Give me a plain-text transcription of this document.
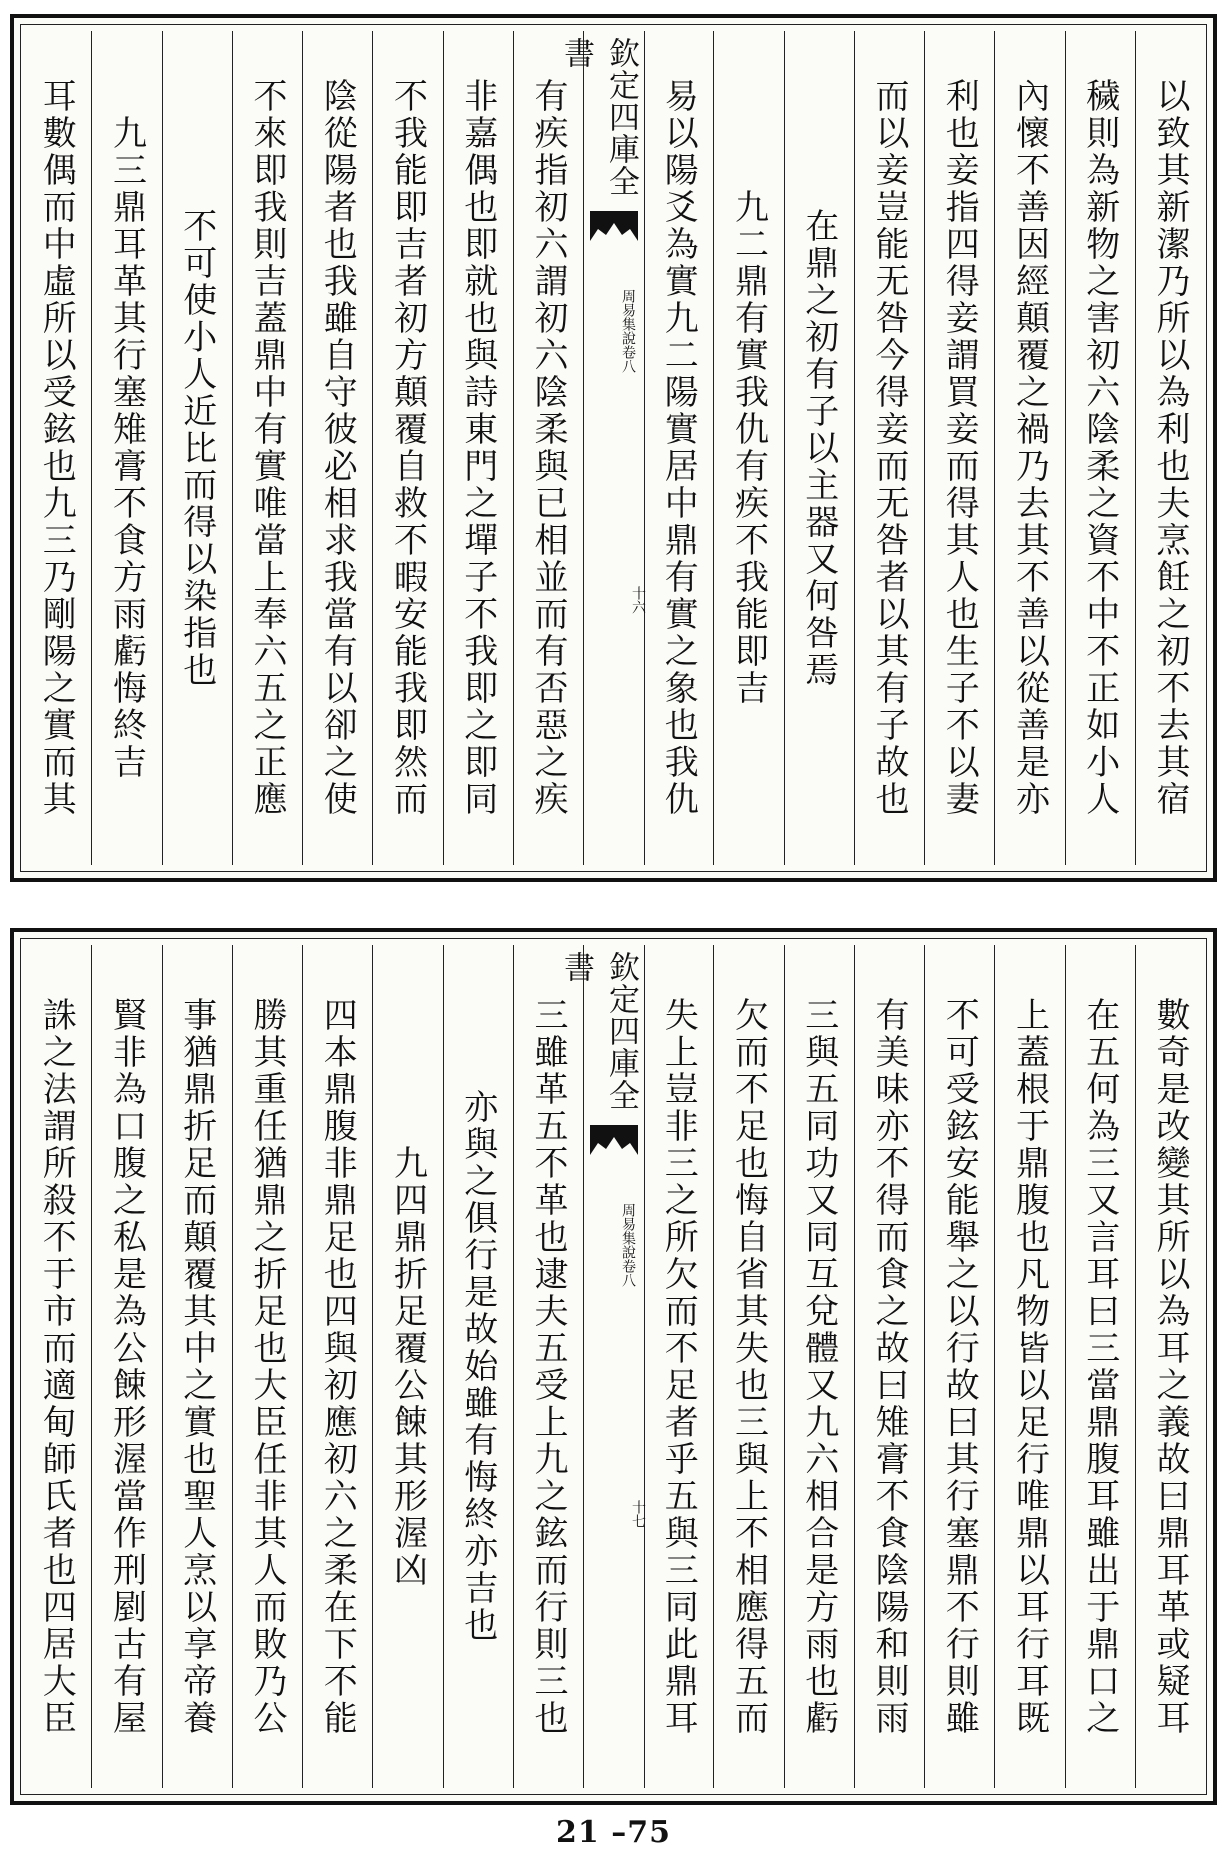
以致其新潔乃所以為利也夫烹飪之初不去其宿
穢則為新物之害初六陰柔之資不中不正如小人
內懷不善因經顛覆之禍乃去其不善以從善是亦
利也妾指四得妾謂買妾而得其人也生子不以妻
而以妾豈能无咎今得妾而无咎者以其有子故也
在鼎之初有子以主器又何咎焉
九二鼎有實我仇有疾不我能即吉
易以陽爻為實九二陽實居中鼎有實之象也我仇
有疾指初六謂初六陰柔與已相並而有否惡之疾
非嘉偶也即就也與詩東門之墠子不我即之即同
不我能即吉者初方顛覆自救不暇安能我即然而
陰從陽者也我雖自守彼必相求我當有以卻之使
不來即我則吉蓋鼎中有實唯當上奉六五之正應
不可使小人近比而得以染指也
九三鼎耳革其行塞雉膏不食方雨虧悔終吉
耳數偶而中虛所以受鉉也九三乃剛陽之實而其	欽定四庫全書
周易集說卷八
十六
數奇是改變其所以為耳之義故曰鼎耳革或疑耳
在五何為三又言耳曰三當鼎腹耳雖出于鼎口之
上蓋根于鼎腹也凡物皆以足行唯鼎以耳行耳既
不可受鉉安能舉之以行故曰其行塞鼎不行則雖
有美味亦不得而食之故曰雉膏不食陰陽和則雨
三與五同功又同互兌體又九六相合是方雨也虧
欠而不足也悔自省其失也三與上不相應得五而
失上豈非三之所欠而不足者乎五與三同此鼎耳
三雖革五不革也逮夫五受上九之鉉而行則三也
亦與之俱行是故始雖有悔終亦吉也
九四鼎折足覆公餗其形渥凶
四本鼎腹非鼎足也四與初應初六之柔在下不能
勝其重任猶鼎之折足也大臣任非其人而敗乃公
事猶鼎折足而顛覆其中之實也聖人烹以享帝養
賢非為口腹之私是為公餗形渥當作刑剭古有屋
誅之法謂所殺不于市而適甸師氏者也四居大臣	欽定四庫全書
周易集說卷八
十七
21 –75
